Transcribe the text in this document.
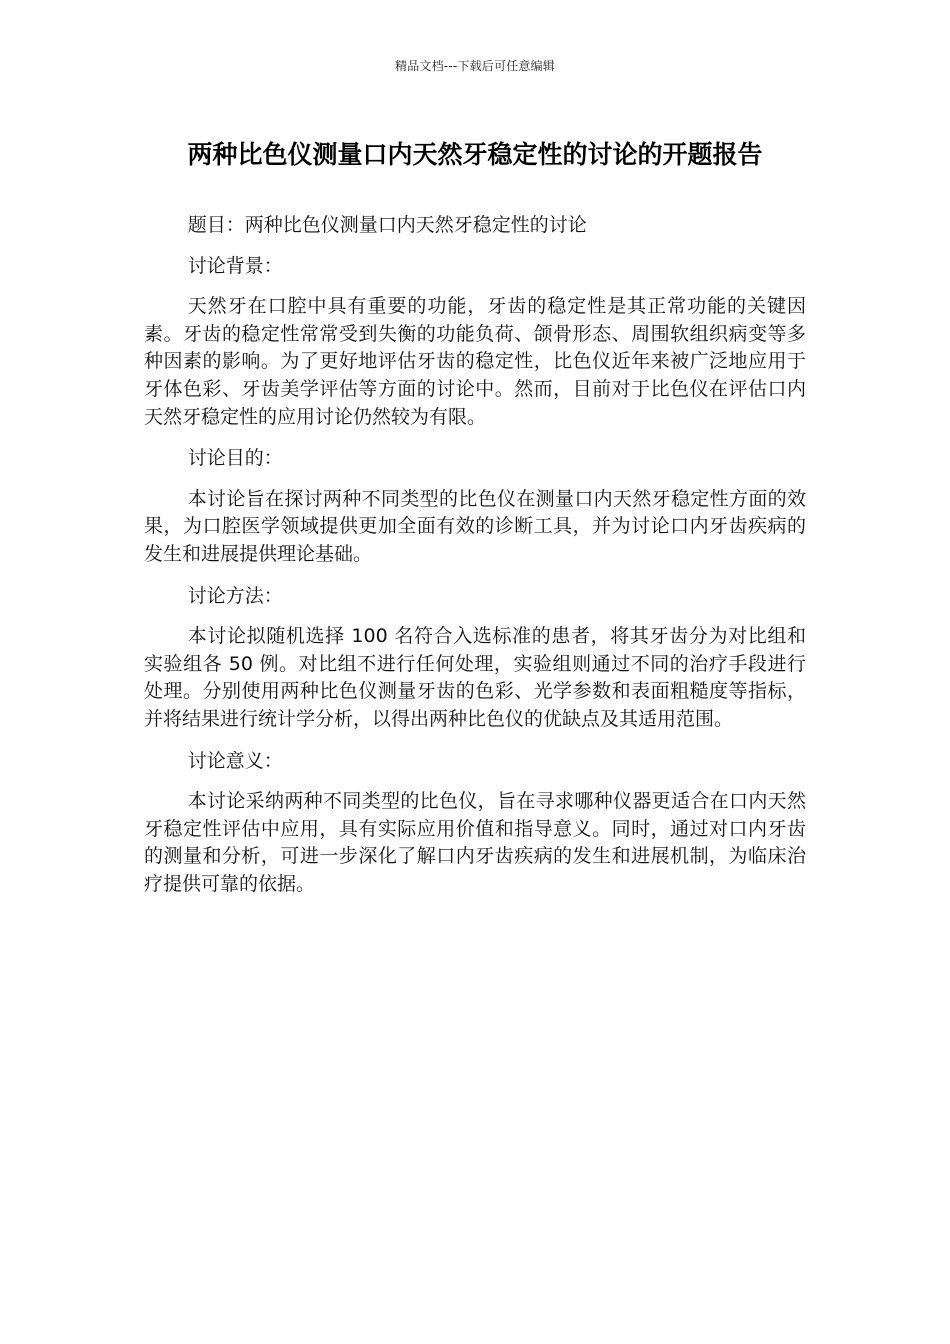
精品文档---下载后可任意编辑
两种比色仪测量口内天然牙稳定性的讨论的开题报告

题目：两种比色仪测量口内天然牙稳定性的讨论

讨论背景：

天然牙在口腔中具有重要的功能，牙齿的稳定性是其正常功能的关键因素。牙齿的稳定性常常受到失衡的功能负荷、颌骨形态、周围软组织病变等多种因素的影响。为了更好地评估牙齿的稳定性，比色仪近年来被广泛地应用于牙体色彩、牙齿美学评估等方面的讨论中。然而，目前对于比色仪在评估口内天然牙稳定性的应用讨论仍然较为有限。

讨论目的：

本讨论旨在探讨两种不同类型的比色仪在测量口内天然牙稳定性方面的效果，为口腔医学领域提供更加全面有效的诊断工具，并为讨论口内牙齿疾病的发生和进展提供理论基础。

讨论方法：

本讨论拟随机选择 100 名符合入选标准的患者，将其牙齿分为对比组和实验组各 50 例。对比组不进行任何处理，实验组则通过不同的治疗手段进行处理。分别使用两种比色仪测量牙齿的色彩、光学参数和表面粗糙度等指标，并将结果进行统计学分析，以得出两种比色仪的优缺点及其适用范围。

讨论意义：

本讨论采纳两种不同类型的比色仪，旨在寻求哪种仪器更适合在口内天然牙稳定性评估中应用，具有实际应用价值和指导意义。同时，通过对口内牙齿的测量和分析，可进一步深化了解口内牙齿疾病的发生和进展机制，为临床治疗提供可靠的依据。
